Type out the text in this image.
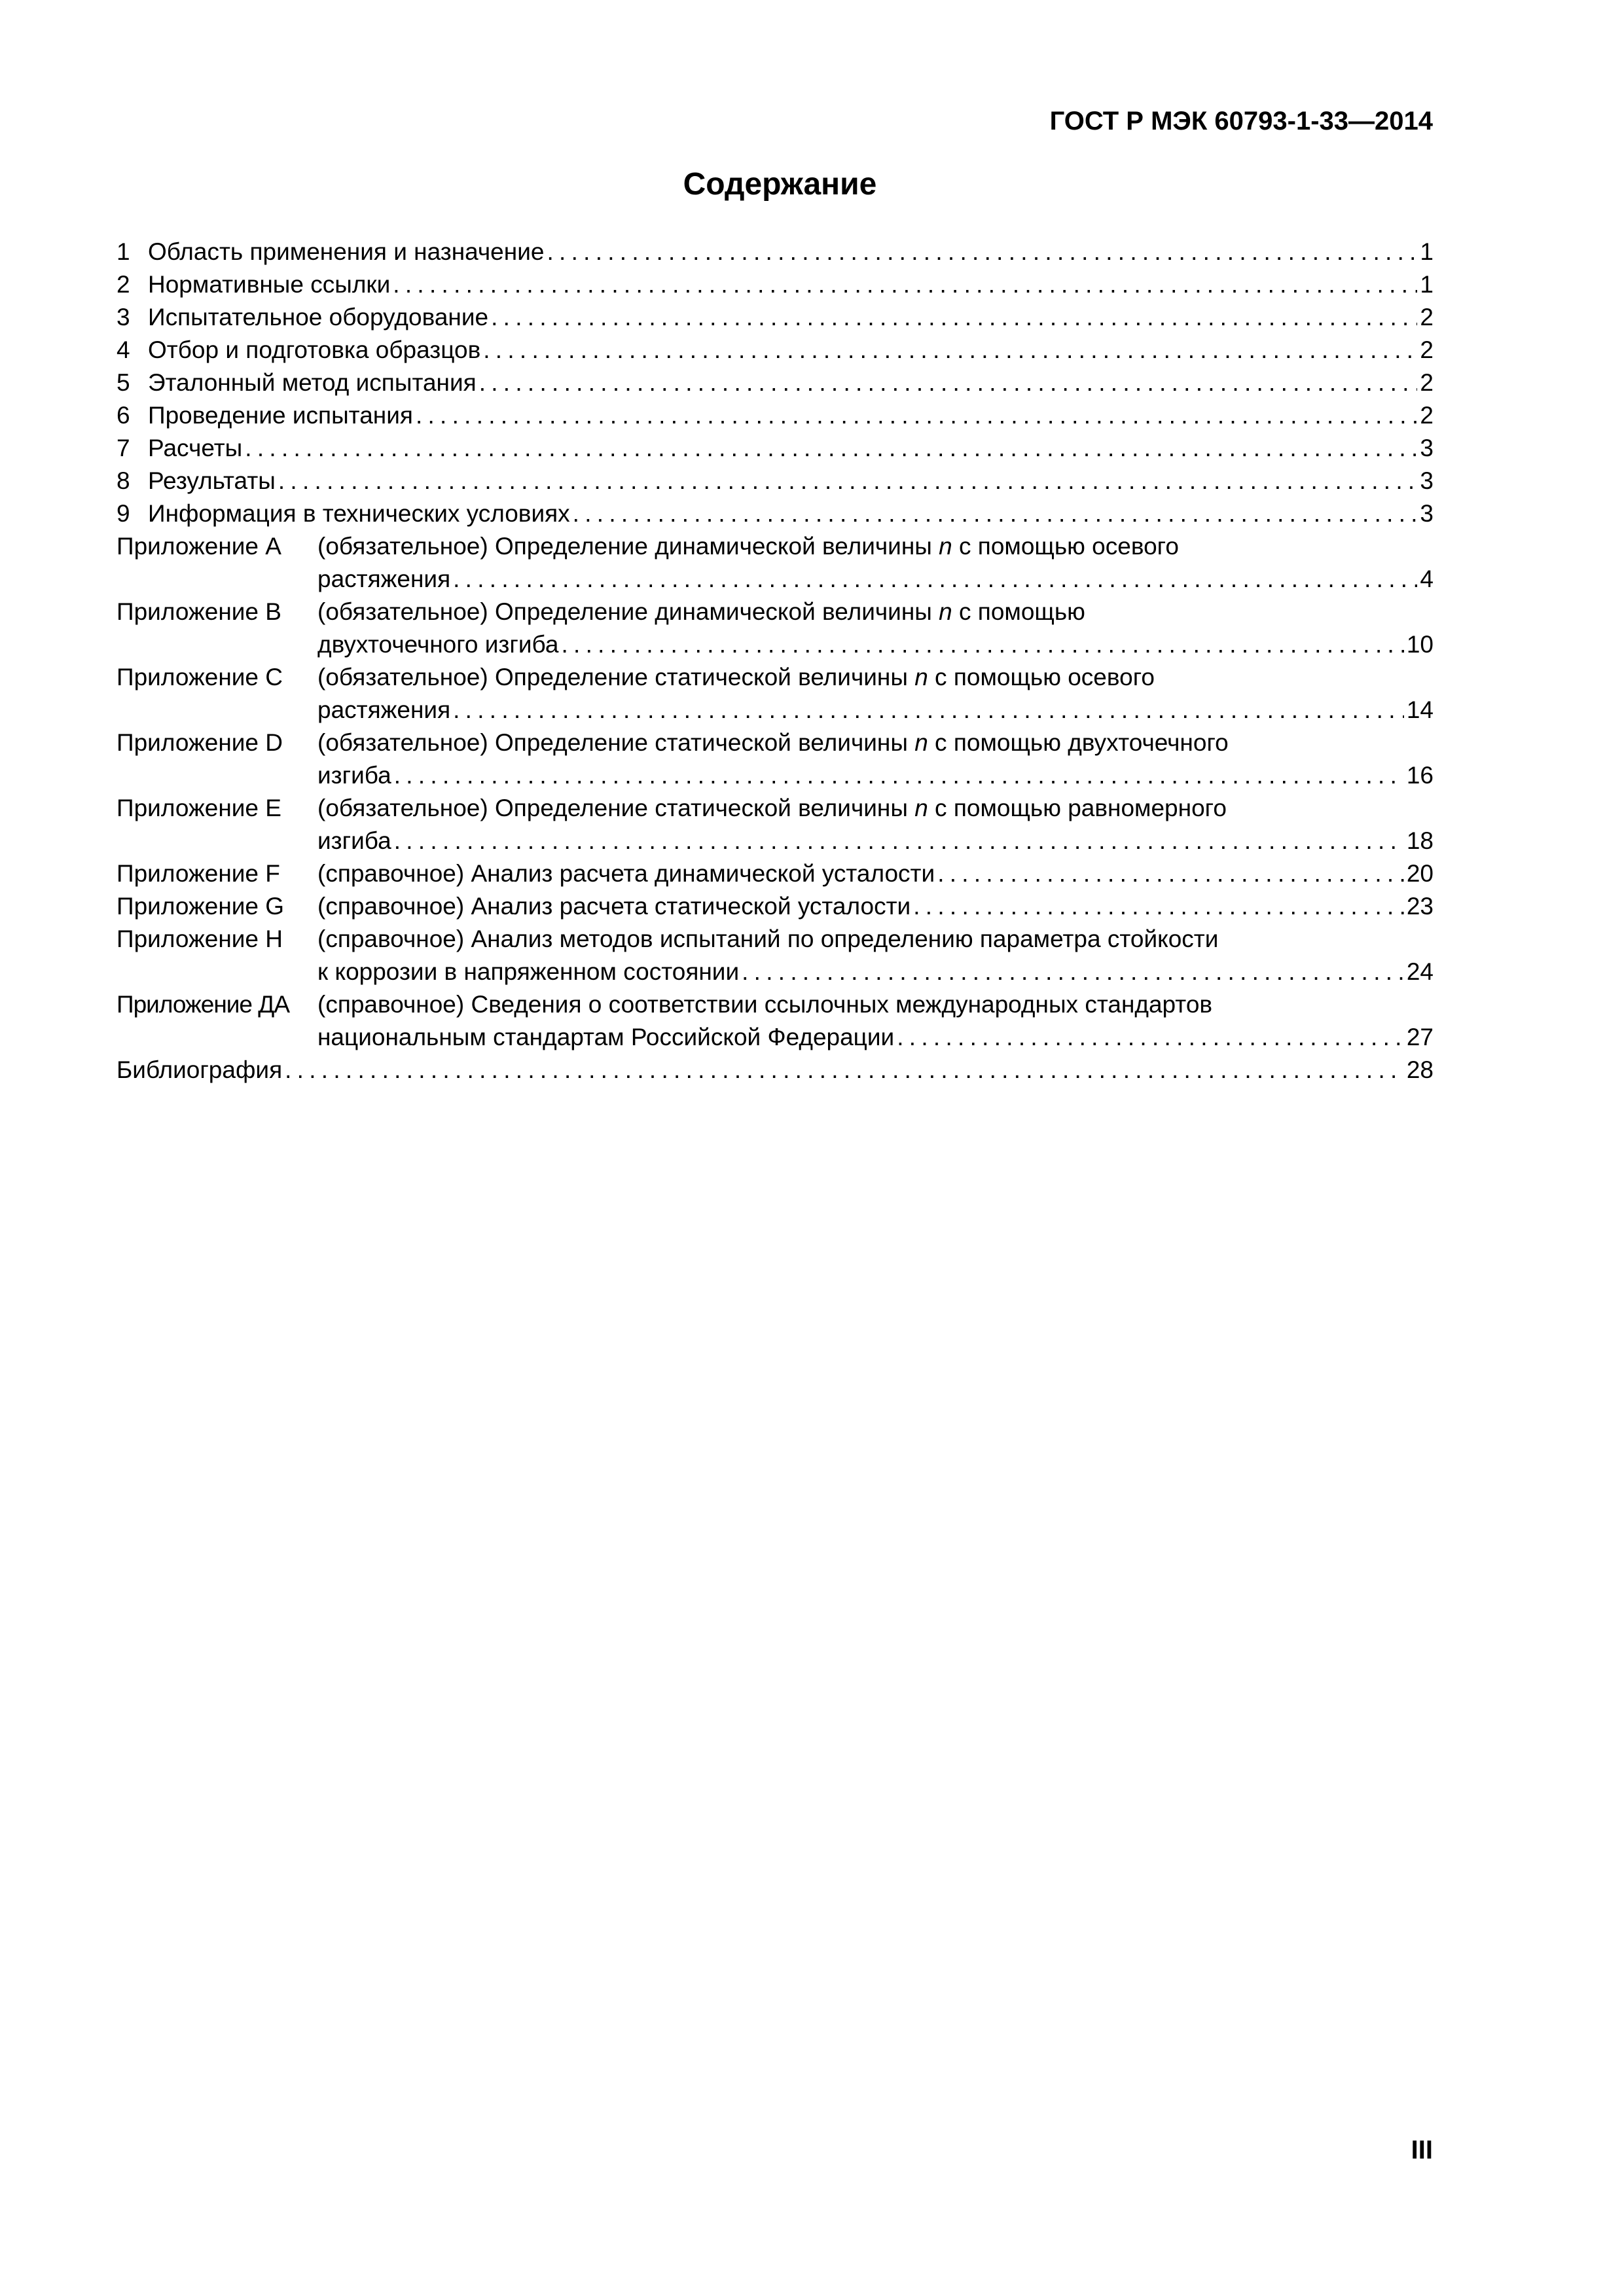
ГОСТ Р МЭК 60793-1-33—2014
Содержание
1 Область применения и назначение . . .	1
2 Нормативные ссылки . . .	1
3 Испытательное оборудование . . .	2
4 Отбор и подготовка образцов . . .	2
5 Эталонный метод испытания . . .	2
6 Проведение испытания . . .	2
7 Расчеты . . .	3
8 Результаты . . .	3
9 Информация в технических условиях . . .	3
Приложение А	(обязательное) Определение динамической величины n с помощью осевого
растяжения . . .	4
Приложение В	(обязательное) Определение динамической величины n с помощью
двухточечного изгиба . . .	10
Приложение С	(обязательное) Определение статической величины n с помощью осевого
растяжения . . .	14
Приложение D	(обязательное) Определение статической величины n с помощью двухточечного
изгиба . . .	16
Приложение Е	(обязательное) Определение статической величины n с помощью равномерного
изгиба . . .	18
Приложение F	(справочное) Анализ расчета динамической усталости . . .	20
Приложение G	(справочное) Анализ расчета статической усталости . . .	23
Приложение Н	(справочное) Анализ методов испытаний по определению параметра стойкости
к коррозии в напряженном состоянии . . .	24
Приложение ДА	(справочное) Сведения о соответствии ссылочных международных стандартов
национальным стандартам Российской Федерации . . .	27
Библиография . . .	28
III
